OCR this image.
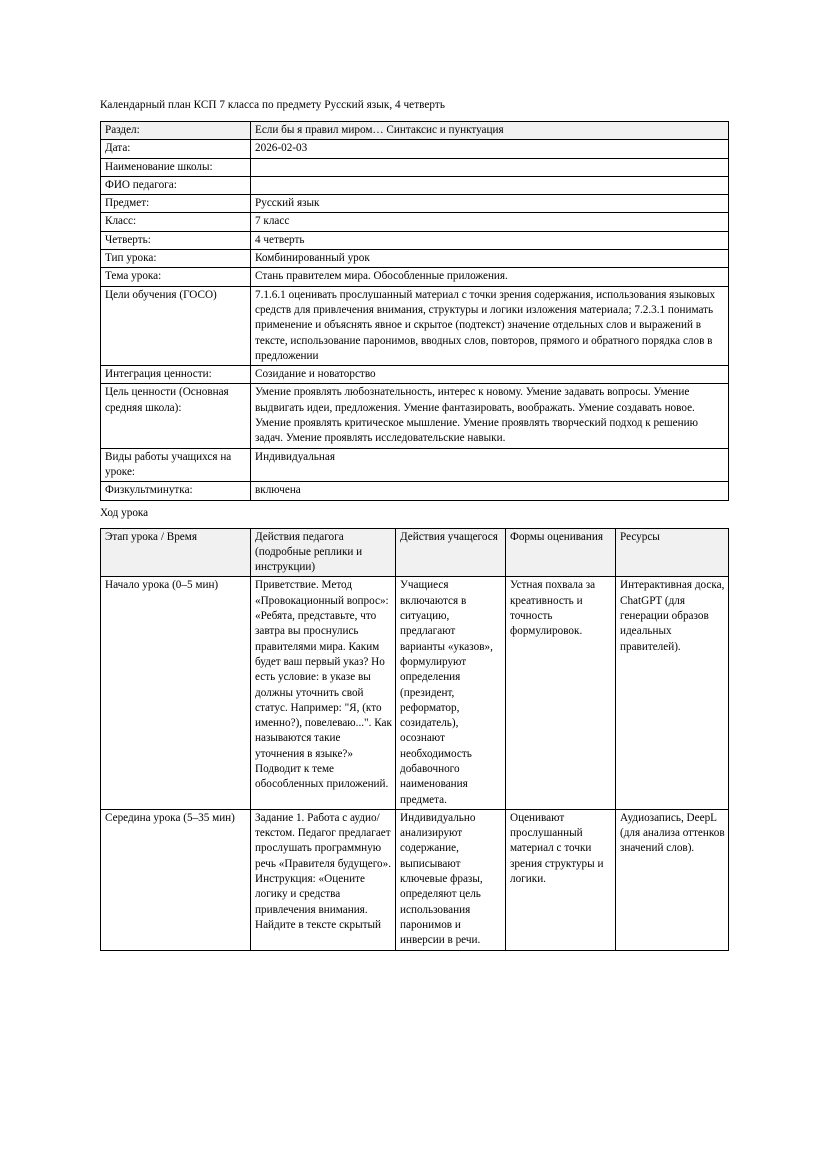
Календарный план КСП 7 класса по предмету Русский язык, 4 четверть

Раздел:	Если бы я правил миром… Синтаксис и пунктуация
Дата:	2026-02-03
Наименование школы:	
ФИО педагога:	
Предмет:	Русский язык
Класс:	7 класс
Четверть:	4 четверть
Тип урока:	Комбинированный урок
Тема урока:	Стань правителем мира. Обособленные приложения.
Цели обучения (ГОСО)	7.1.6.1 оценивать прослушанный материал с точки зрения содержания, использования языковых средств для привлечения внимания, структуры и логики изложения материала; 7.2.3.1 понимать применение и объяснять явное и скрытое (подтекст) значение отдельных слов и выражений в тексте, использование паронимов, вводных слов, повторов, прямого и обратного порядка слов в предложении
Интеграция ценности:	Созидание и новаторство
Цель ценности (Основная средняя школа):	Умение проявлять любознательность, интерес к новому. Умение задавать вопросы. Умение выдвигать идеи, предложения. Умение фантазировать, воображать. Умение создавать новое. Умение проявлять критическое мышление. Умение проявлять творческий подход к решению задач. Умение проявлять исследовательские навыки.
Виды работы учащихся на уроке:	Индивидуальная
Физкультминутка:	включена

Ход урока

Этап урока / Время	Действия педагога (подробные реплики и инструкции)	Действия учащегося	Формы оценивания	Ресурсы
Начало урока (0–5 мин)	Приветствие. Метод «Провокационный вопрос»: «Ребята, представьте, что завтра вы проснулись правителями мира. Каким будет ваш первый указ? Но есть условие: в указе вы должны уточнить свой статус. Например: "Я, (кто именно?), повелеваю...". Как называются такие уточнения в языке?» Подводит к теме обособленных приложений.	Учащиеся включаются в ситуацию, предлагают варианты «указов», формулируют определения (президент, реформатор, созидатель), осознают необходимость добавочного наименования предмета.	Устная похвала за креативность и точность формулировок.	Интерактивная доска, ChatGPT (для генерации образов идеальных правителей).
Середина урока (5–35 мин)	Задание 1. Работа с аудио/текстом. Педагог предлагает прослушать программную речь «Правителя будущего». Инструкция: «Оцените логику и средства привлечения внимания. Найдите в тексте скрытый	Индивидуально анализируют содержание, выписывают ключевые фразы, определяют цель использования паронимов и инверсии в речи.	Оценивают прослушанный материал с точки зрения структуры и логики.	Аудиозапись, DeepL (для анализа оттенков значений слов).
